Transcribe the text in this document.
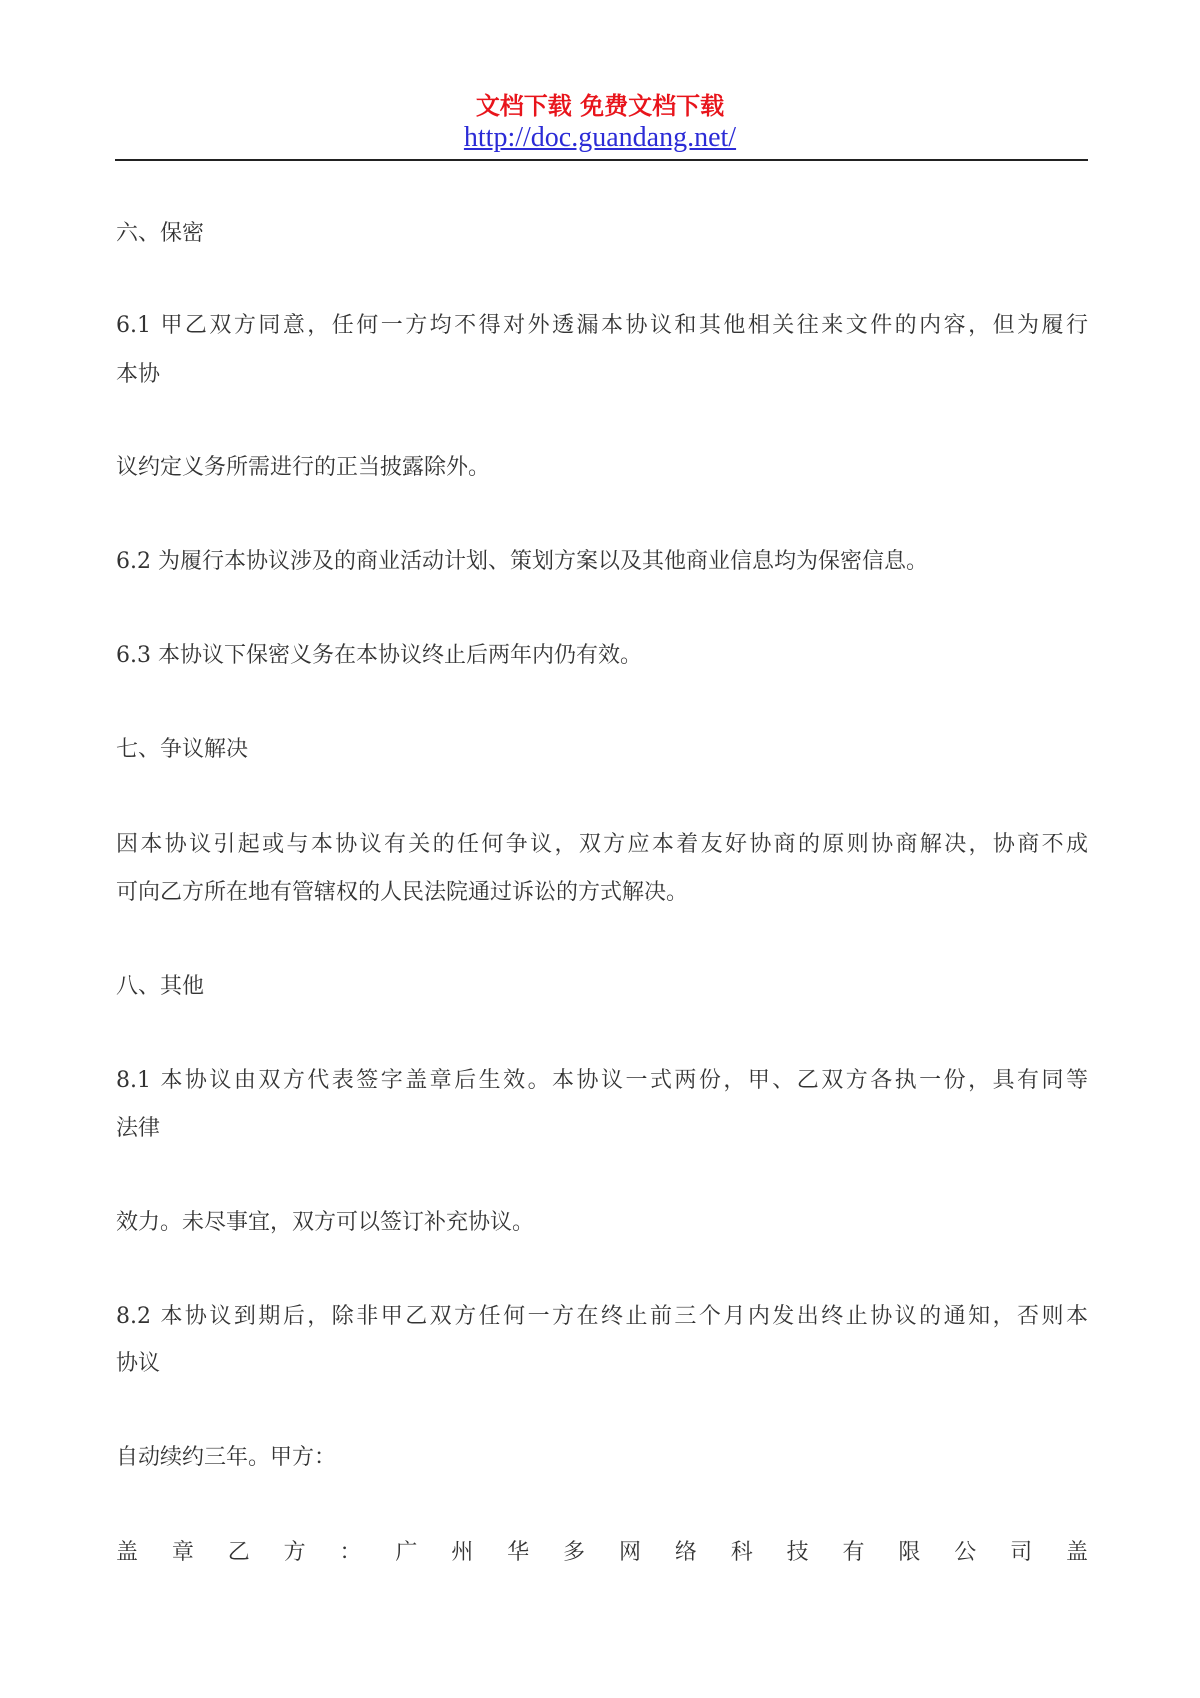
文档下载 免费文档下载
http://doc.guandang.net/
六、保密
6.1 甲乙双方同意，任何一方均不得对外透漏本协议和其他相关往来文件的内容，但为履行
本协
议约定义务所需进行的正当披露除外。
6.2 为履行本协议涉及的商业活动计划、策划方案以及其他商业信息均为保密信息。
6.3 本协议下保密义务在本协议终止后两年内仍有效。
七、争议解决
因本协议引起或与本协议有关的任何争议，双方应本着友好协商的原则协商解决，协商不成
可向乙方所在地有管辖权的人民法院通过诉讼的方式解决。
八、其他
8.1 本协议由双方代表签字盖章后生效。本协议一式两份，甲、乙双方各执一份，具有同等
法律
效力。未尽事宜，双方可以签订补充协议。
8.2 本协议到期后，除非甲乙双方任何一方在终止前三个月内发出终止协议的通知，否则本
协议
自动续约三年。甲方：
盖 章 乙 方 ： 广 州 华 多 网 络 科 技 有 限 公 司 盖
